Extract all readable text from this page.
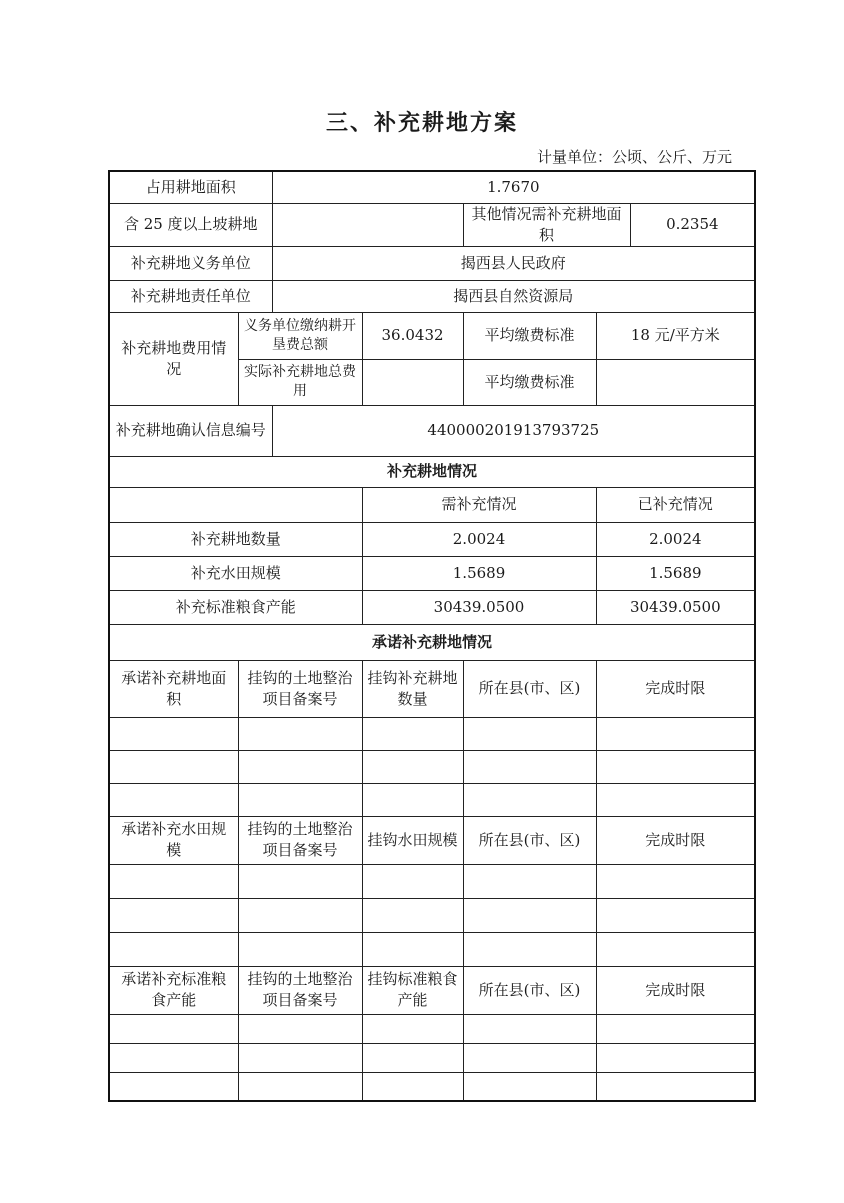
三、补充耕地方案
计量单位：公顷、公斤、万元
占用耕地面积		1.7670				
含 25 度以上坡耕地				其他情况需补充耕地面积		0.2354
补充耕地义务单位		揭西县人民政府				
补充耕地责任单位		揭西县自然资源局				
补充耕地费用情况	义务单位缴纳耕开垦费总额		36.0432	平均缴费标准	18 元/平方米	
	实际补充耕地总费用			平均缴费标准		
补充耕地确认信息编号		440000201913793725				
补充耕地情况						
			需补充情况		已补充情况	
补充耕地数量			2.0024		2.0024	
补充水田规模			1.5689		1.5689	
补充标准粮食产能			30439.0500		30439.0500	
承诺补充耕地情况						
承诺补充耕地面积	挂钩的土地整治项目备案号		挂钩补充耕地数量	所在县(市、区)	完成时限	

承诺补充水田规模	挂钩的土地整治项目备案号		挂钩水田规模	所在县(市、区)	完成时限	

承诺补充标准粮食产能	挂钩的土地整治项目备案号		挂钩标准粮食产能	所在县(市、区)	完成时限	
